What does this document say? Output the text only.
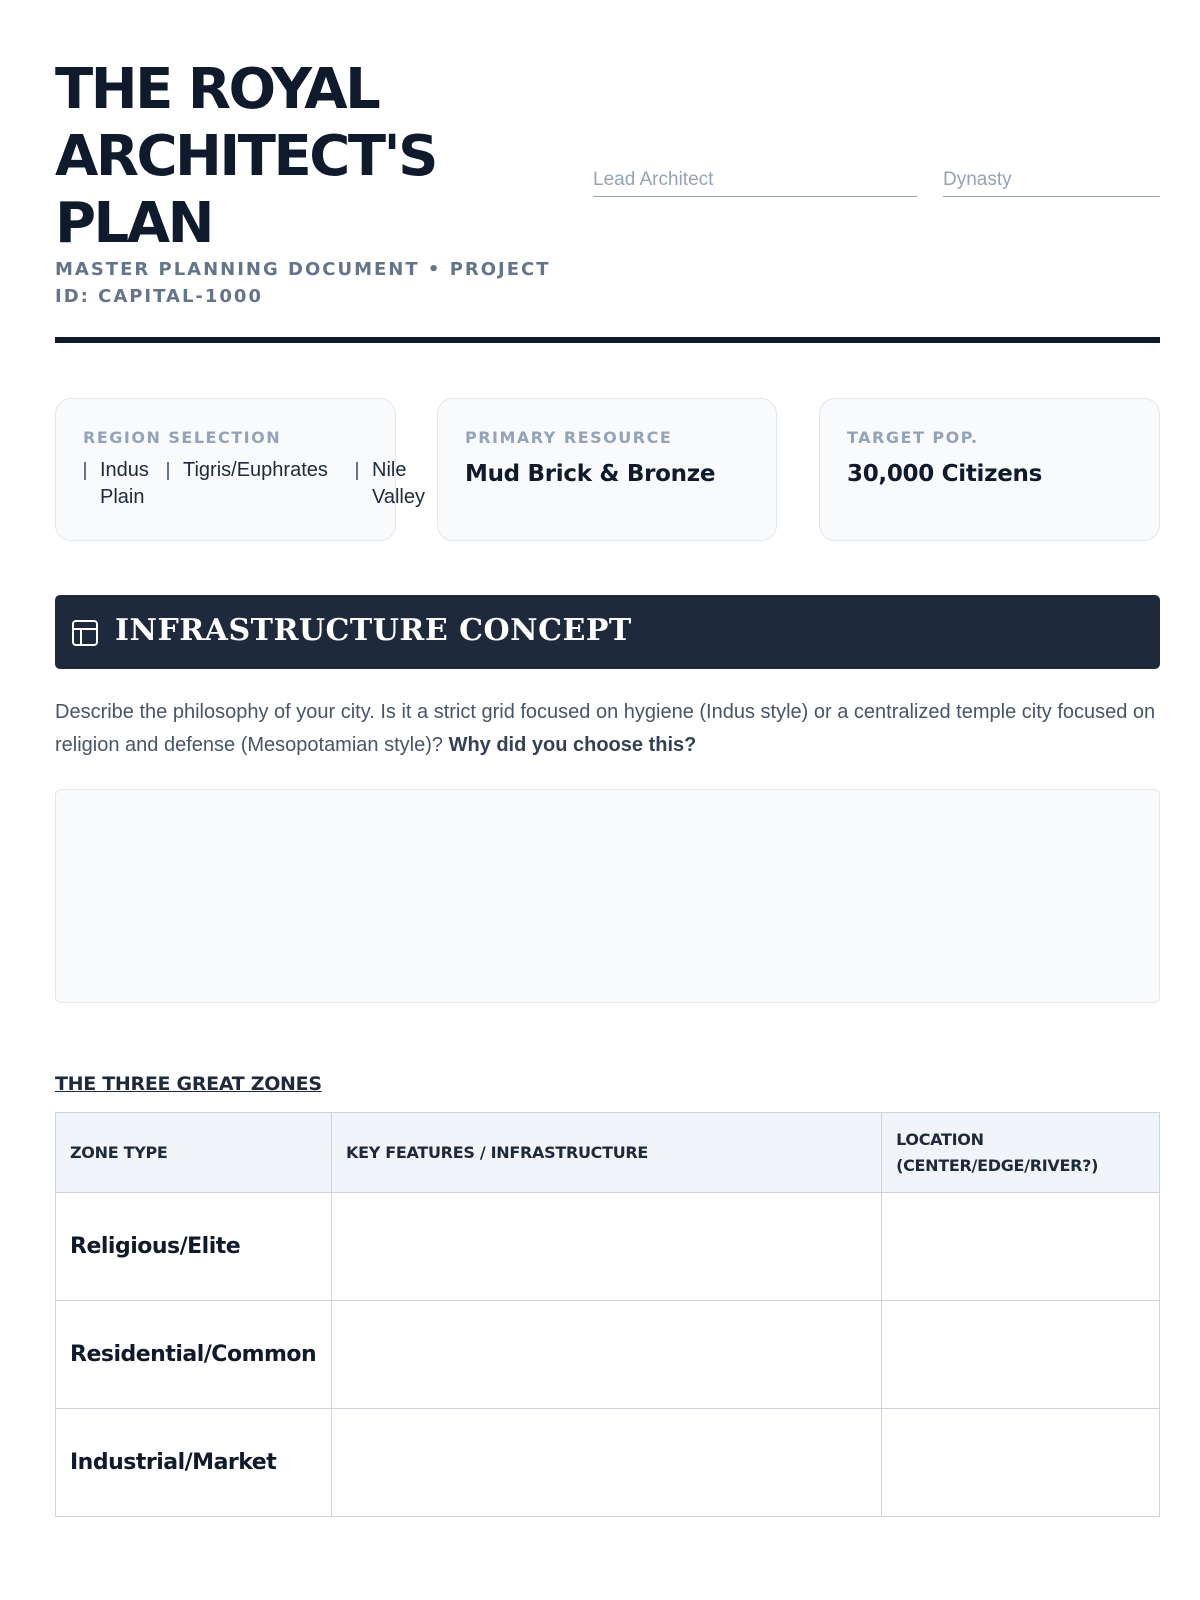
THE ROYAL
ARCHITECT'S
PLAN
MASTER PLANNING DOCUMENT • PROJECT
ID: CAPITAL-1000
Lead Architect	Dynasty
REGION SELECTION
Indus
Plain
Tigris/Euphrates	Nile
Valley
PRIMARY RESOURCE
Mud Brick & Bronze
TARGET POP.
30,000 Citizens
INFRASTRUCTURE CONCEPT

Describe the philosophy of your city. Is it a strict grid focused on hygiene (Indus style) or a centralized temple city focused on religion and defense (Mesopotamian style)? Why did you choose this?

THE THREE GREAT ZONES
ZONE TYPE	KEY FEATURES / INFRASTRUCTURE	LOCATION (CENTER/EDGE/RIVER?)
Religious/Elite		
Residential/Common		
Industrial/Market		
